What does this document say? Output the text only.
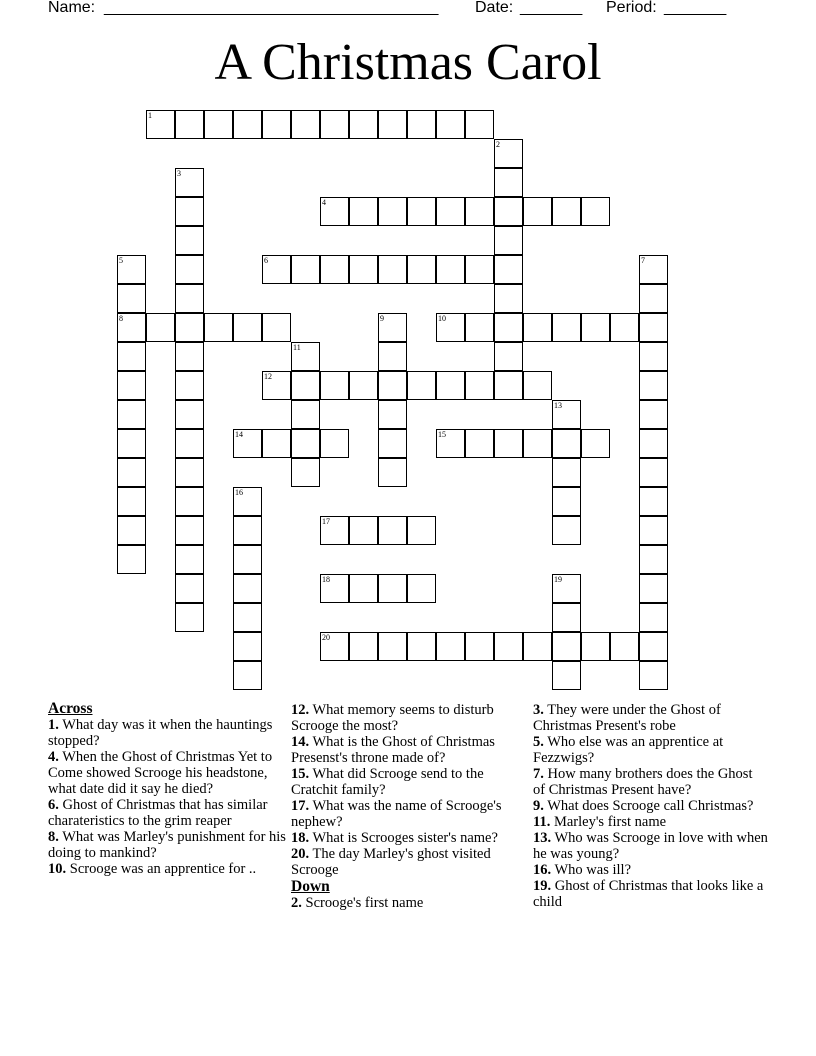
Name: ______________________________________ Date: _______ Period: _______
A Christmas Carol
1
4
6
8	10
12
14	15
17
18
20
2
3
5	7
9
11
13
16
19
Across
1. What day was it when the hauntings stopped?
4. When the Ghost of Christmas Yet to Come showed Scrooge his headstone, what date did it say he died?
6. Ghost of Christmas that has similar charateristics to the grim reaper
8. What was Marley's punishment for his doing to mankind?
10. Scrooge was an apprentice for ..
12. What memory seems to disturb Scrooge the most?
14. What is the Ghost of Christmas Presenst's throne made of?
15. What did Scrooge send to the Cratchit family?
17. What was the name of Scrooge's nephew?
18. What is Scrooges sister's name?
20. The day Marley's ghost visited Scrooge
Down
2. Scrooge's first name
3. They were under the Ghost of Christmas Present's robe
5. Who else was an apprentice at Fezzwigs?
7. How many brothers does the Ghost of Christmas Present have?
9. What does Scrooge call Christmas?
11. Marley's first name
13. Who was Scrooge in love with when he was young?
16. Who was ill?
19. Ghost of Christmas that looks like a child
